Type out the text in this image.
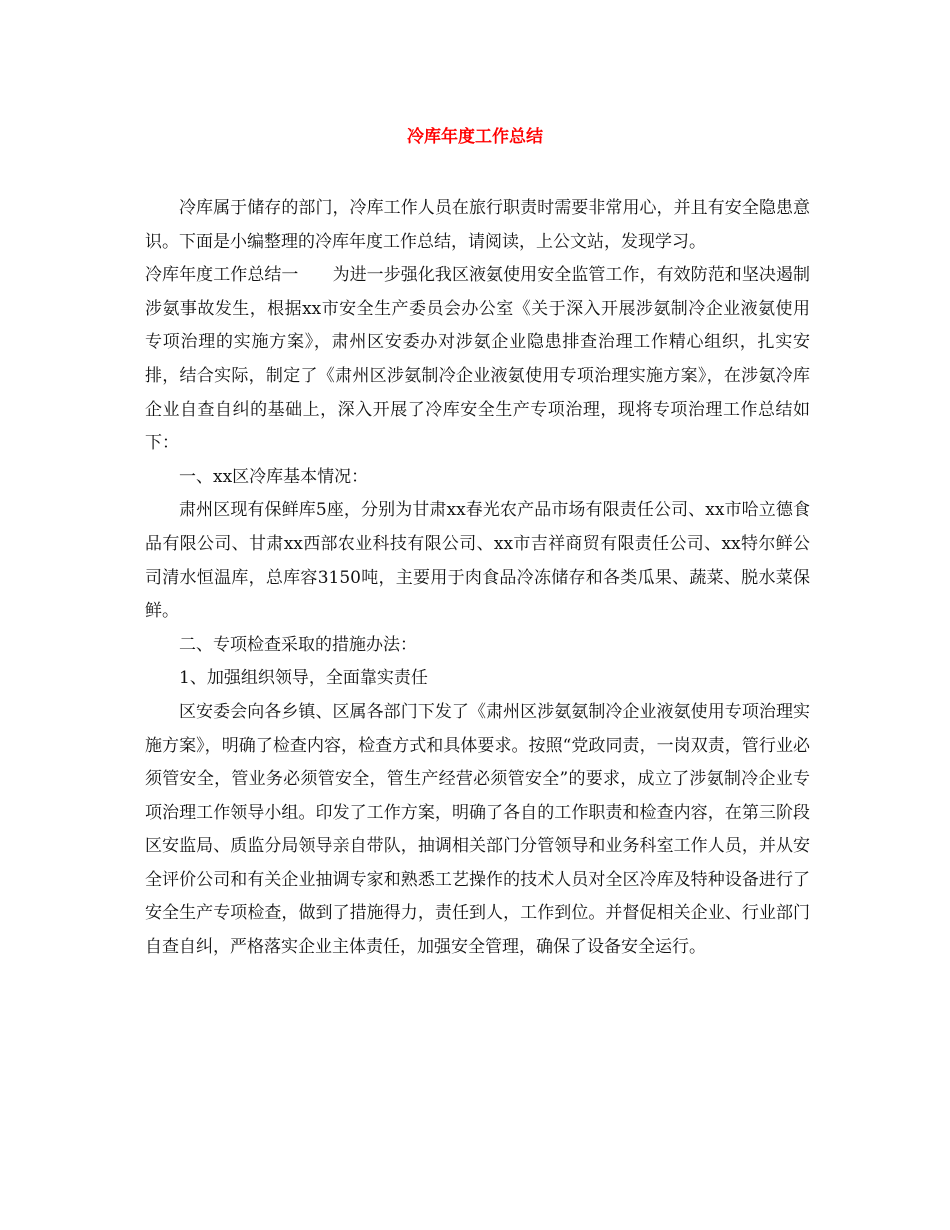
冷库年度工作总结

冷库属于储存的部门，冷库工作人员在旅行职责时需要非常用心，并且有安全隐患意识。下面是小编整理的冷库年度工作总结，请阅读，上公文站，发现学习。

冷库年度工作总结一　　为进一步强化我区液氨使用安全监管工作，有效防范和坚决遏制涉氨事故发生，根据xx市安全生产委员会办公室《关于深入开展涉氨制冷企业液氨使用专项治理的实施方案》，肃州区安委办对涉氨企业隐患排查治理工作精心组织，扎实安排，结合实际，制定了《肃州区涉氨制冷企业液氨使用专项治理实施方案》，在涉氨冷库企业自查自纠的基础上，深入开展了冷库安全生产专项治理，现将专项治理工作总结如下：

一、xx区冷库基本情况：

肃州区现有保鲜库5座，分别为甘肃xx春光农产品市场有限责任公司、xx市哈立德食品有限公司、甘肃xx西部农业科技有限公司、xx市吉祥商贸有限责任公司、xx特尔鲜公司清水恒温库，总库容3150吨，主要用于肉食品冷冻储存和各类瓜果、蔬菜、脱水菜保鲜。

二、专项检查采取的措施办法：

1、加强组织领导，全面靠实责任

区安委会向各乡镇、区属各部门下发了《肃州区涉氨氨制冷企业液氨使用专项治理实施方案》，明确了检查内容，检查方式和具体要求。按照“党政同责，一岗双责，管行业必须管安全，管业务必须管安全，管生产经营必须管安全”的要求，成立了涉氨制冷企业专项治理工作领导小组。印发了工作方案，明确了各自的工作职责和检查内容，在第三阶段区安监局、质监分局领导亲自带队，抽调相关部门分管领导和业务科室工作人员，并从安全评价公司和有关企业抽调专家和熟悉工艺操作的技术人员对全区冷库及特种设备进行了安全生产专项检查，做到了措施得力，责任到人，工作到位。并督促相关企业、行业部门自查自纠，严格落实企业主体责任，加强安全管理，确保了设备安全运行。
